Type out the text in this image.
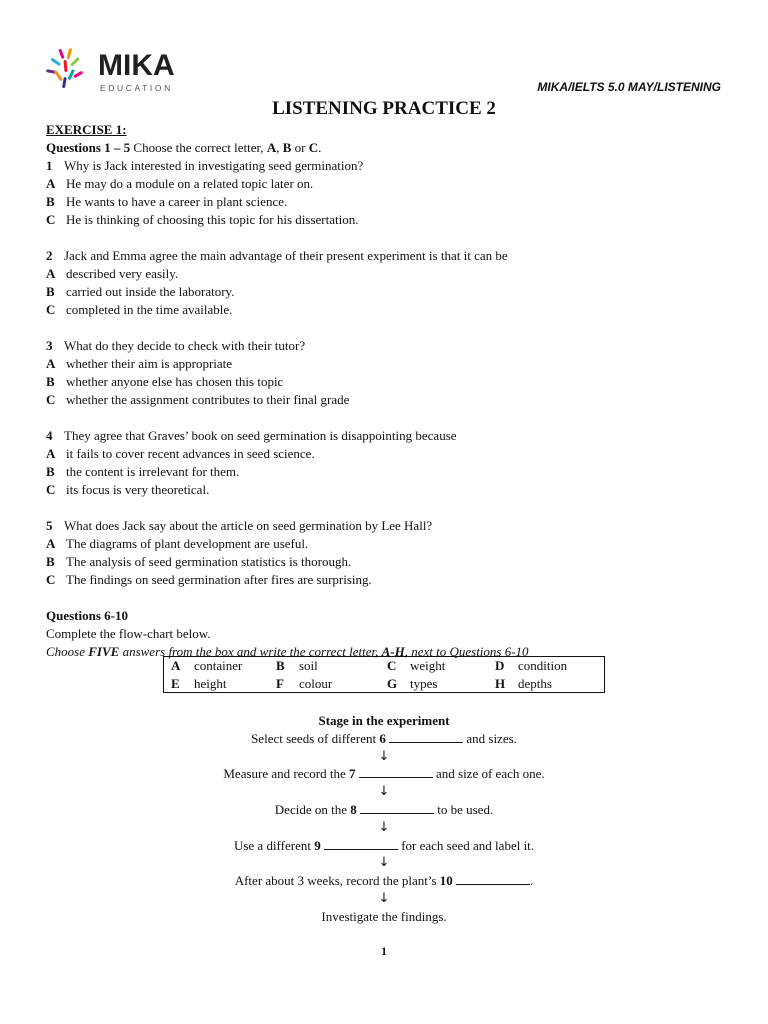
MIKA
EDUCATION	MIKA/IELTS 5.0 MAY/LISTENING
LISTENING PRACTICE 2
EXERCISE 1:
Questions 1 – 5 Choose the correct letter, A, B or C.
1 Why is Jack interested in investigating seed germination?
A He may do a module on a related topic later on.
B He wants to have a career in plant science.
C He is thinking of choosing this topic for his dissertation.
2 Jack and Emma agree the main advantage of their present experiment is that it can be
A described very easily.
B carried out inside the laboratory.
C completed in the time available.
3 What do they decide to check with their tutor?
A whether their aim is appropriate
B whether anyone else has chosen this topic
C whether the assignment contributes to their final grade
4 They agree that Graves’ book on seed germination is disappointing because
A it fails to cover recent advances in seed science.
B the content is irrelevant for them.
C its focus is very theoretical.
5 What does Jack say about the article on seed germination by Lee Hall?
A The diagrams of plant development are useful.
B The analysis of seed germination statistics is thorough.
C The findings on seed germination after fires are surprising.
Questions 6-10
Complete the flow-chart below.
Choose FIVE answers from the box and write the correct letter, A-H, next to Questions 6-10
A container	B soil	C weight	D condition
E height	F colour	G types	H depths
Stage in the experiment
Select seeds of different 6	and sizes.
↓
Measure and record the 7	and size of each one.
↓
Decide on the 8	to be used.
↓
Use a different 9	for each seed and label it.
↓
After about 3 weeks, record the plant’s 10	.
↓
Investigate the findings.
1
